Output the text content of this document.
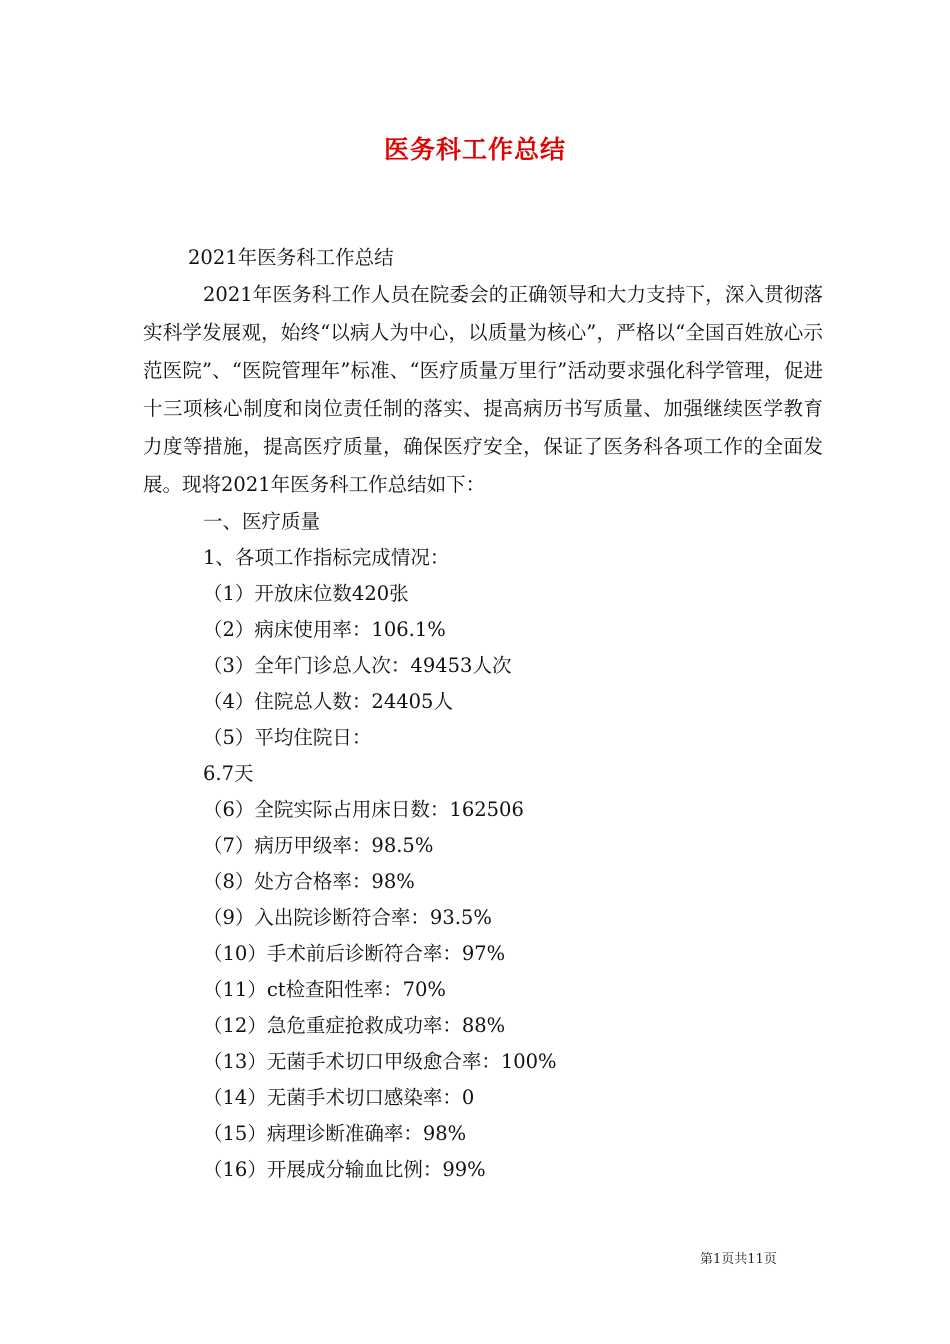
医务科工作总结
2021年医务科工作总结

2021年医务科工作人员在院委会的正确领导和大力支持下，深入贯彻落实科学发展观，始终“以病人为中心，以质量为核心”，严格以“全国百姓放心示范医院”、“医院管理年”标准、“医疗质量万里行”活动要求强化科学管理，促进十三项核心制度和岗位责任制的落实、提高病历书写质量、加强继续医学教育力度等措施，提高医疗质量，确保医疗安全，保证了医务科各项工作的全面发展。现将2021年医务科工作总结如下：

一、医疗质量
1、各项工作指标完成情况：
（1）开放床位数420张
（2）病床使用率：106.1%
（3）全年门诊总人次：49453人次
（4）住院总人数：24405人
（5）平均住院日：
6.7天
（6）全院实际占用床日数：162506
（7）病历甲级率：98.5%
（8）处方合格率：98%
（9）入出院诊断符合率：93.5%
（10）手术前后诊断符合率：97%
（11）ct检查阳性率：70%
（12）急危重症抢救成功率：88%
（13）无菌手术切口甲级愈合率：100%
（14）无菌手术切口感染率：0
（15）病理诊断准确率：98%
（16）开展成分输血比例：99%
第1页共11页
